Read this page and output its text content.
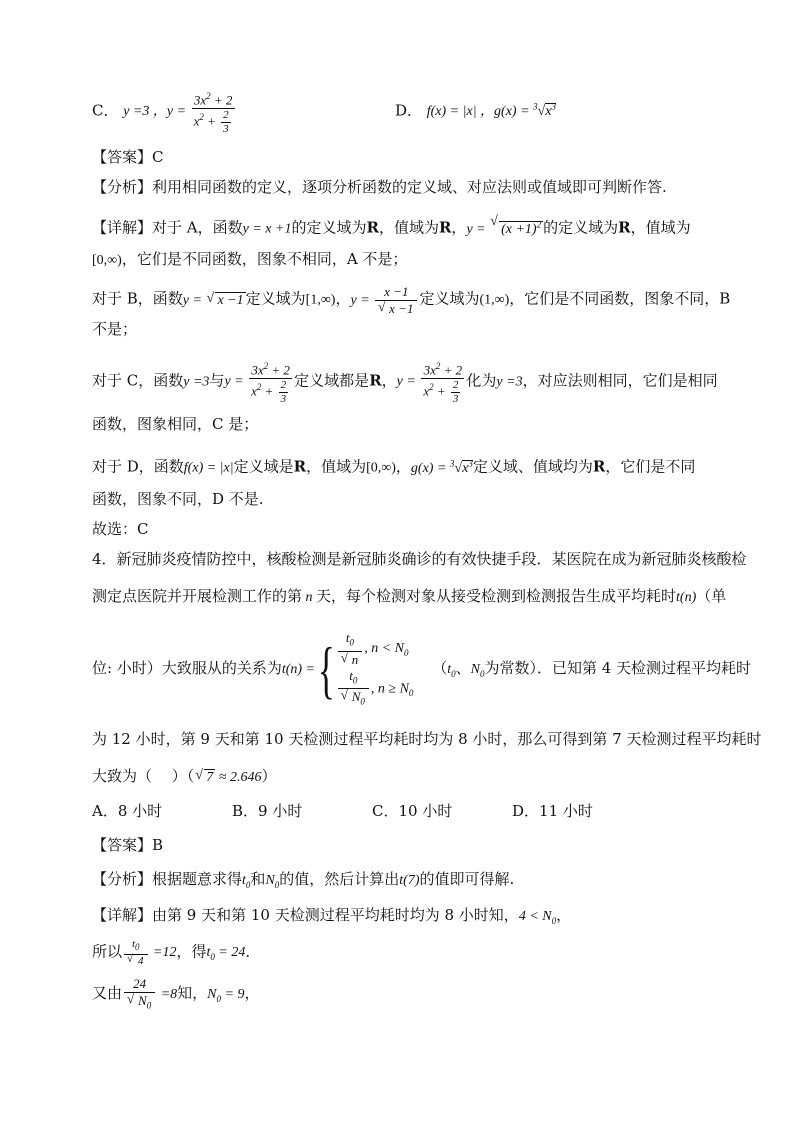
C． y =3 ，$y = \frac{3x^2 + 2}{x^2 + \frac{2}{3}}$	D． f(x) = |x| ，$g(x) = ^3√x^3$
【答案】C
【分析】利用相同函数的定义，逐项分析函数的定义域、对应法则或值域即可判断作答.
【详解】对于 A，函数y = x +1的定义域为R，值域为R，y = √ $(x +1)^2$ 的定义域为R，值域为
[0,∞)，它们是不同函数，图象不相同，A 不是；
对于 B，函数y = √ x −1 定义域为[1,∞)，y = x −1
√ x −1 定义域为(1,∞)，它们是不同函数，图象不同，B
不是；
对于 C，函数y =3与$y = \frac{3x^2 + 2}{x^2 + \frac{2}{3}}$ 定义域都是R，$y = \frac{3x^2 + 2}{x^2 + \frac{2}{3}}$ 化为y =3，对应法则相同，它们是相同
函数，图象相同，C 是；
对于 D，函数f(x) = |x|定义域是R，值域为[0,∞)，$g(x) = ^3√x^3$定义域、值域均为R，它们是不同
函数，图象不同，D 不是.
故选：C
4．新冠肺炎疫情防控中，核酸检测是新冠肺炎确诊的有效快捷手段．某医院在成为新冠肺炎核酸检
测定点医院并开展检测工作的第 n 天，每个检测对象从接受检测到检测报告生成平均耗时t(n)（单
位: 小时）大致服从的关系为t(n) ={ $t_0$
√ n , $n < N_0$
$t_0$
√ $N_0$ , $n \ge N_0$
（$t_0$、$N_0$为常数）．已知第 4 天检测过程平均耗时
为 12 小时，第 9 天和第 10 天检测过程平均耗时均为 8 小时，那么可得到第 7 天检测过程平均耗时
大致为（　 ）（√ 7 ≈ 2.646）
A．8 小时	B．9 小时	C．10 小时	D．11 小时
【答案】B
【分析】根据题意求得$t_0$和$N_0$的值，然后计算出t(7)的值即可得解.
【详解】由第 9 天和第 10 天检测过程平均耗时均为 8 小时知，$4 < N_0$，
所以 $t_0$
√ 4 =12，得$t_0 = 24$．
又由 24
√ $N_0 =8$知，$N_0 = 9$，
